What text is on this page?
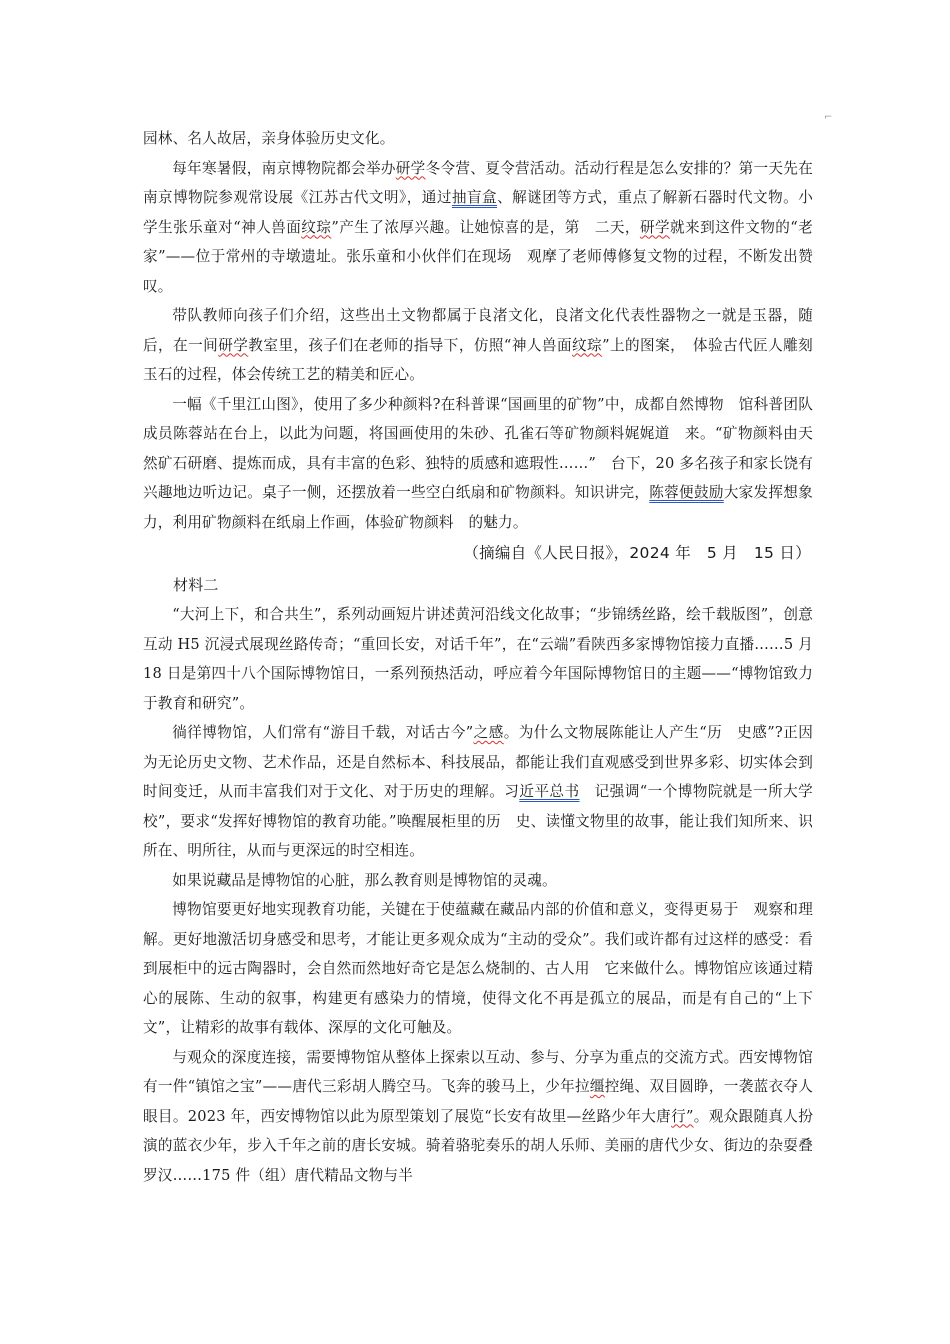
⌐

园林、名人故居，亲身体验历史文化。

每年寒暑假，南京博物院都会举办研学冬令营、夏令营活动。活动行程是怎么安排的？第一天先在南京博物院参观常设展《江苏古代文明》，通过抽盲盒、解谜团等方式，重点了解新石器时代文物。小学生张乐童对“神人兽面纹琮”产生了浓厚兴趣。让她惊喜的是，第　二天，研学就来到这件文物的“老家”——位于常州的寺墩遗址。张乐童和小伙伴们在现场　观摩了老师傅修复文物的过程，不断发出赞叹。

带队教师向孩子们介绍，这些出土文物都属于良渚文化，良渚文化代表性器物之一就是玉器，随后，在一间研学教室里，孩子们在老师的指导下，仿照“神人兽面纹琮”上的图案，　体验古代匠人雕刻玉石的过程，体会传统工艺的精美和匠心。

一幅《千里江山图》，使用了多少种颜料?在科普课“国画里的矿物”中，成都自然博物　馆科普团队成员陈蓉站在台上，以此为问题，将国画使用的朱砂、孔雀石等矿物颜料娓娓道　来。“矿物颜料由天然矿石研磨、提炼而成，具有丰富的色彩、独特的质感和遮瑕性……”　台下，20 多名孩子和家长饶有兴趣地边听边记。桌子一侧，还摆放着一些空白纸扇和矿物颜料。知识讲完，陈蓉便鼓励大家发挥想象力，利用矿物颜料在纸扇上作画，体验矿物颜料　的魅力。

（摘编自《人民日报》，2024 年　5 月　15 日）

材料二

“大河上下，和合共生”，系列动画短片讲述黄河沿线文化故事；“步锦绣丝路，绘千载版图”，创意互动 H5 沉浸式展现丝路传奇；“重回长安，对话千年”，在“云端”看陕西多家博物馆接力直播……5 月 18 日是第四十八个国际博物馆日，一系列预热活动，呼应着今年国际博物馆日的主题——“博物馆致力于教育和研究”。

徜徉博物馆，人们常有“游目千载，对话古今”之感。为什么文物展陈能让人产生“历　史感”?正因为无论历史文物、艺术作品，还是自然标本、科技展品，都能让我们直观感受到世界多彩、切实体会到时间变迁，从而丰富我们对于文化、对于历史的理解。习近平总书　记强调“一个博物院就是一所大学校”，要求“发挥好博物馆的教育功能。”唤醒展柜里的历　史、读懂文物里的故事，能让我们知所来、识所在、明所往，从而与更深远的时空相连。

如果说藏品是博物馆的心脏，那么教育则是博物馆的灵魂。

博物馆要更好地实现教育功能，关键在于使蕴藏在藏品内部的价值和意义，变得更易于　观察和理解。更好地激活切身感受和思考，才能让更多观众成为“主动的受众”。我们或许都有过这样的感受：看到展柜中的远古陶器时，会自然而然地好奇它是怎么烧制的、古人用　它来做什么。博物馆应该通过精心的展陈、生动的叙事，构建更有感染力的情境，使得文化不再是孤立的展品，而是有自己的“上下文”，让精彩的故事有载体、深厚的文化可触及。

与观众的深度连接，需要博物馆从整体上探索以互动、参与、分享为重点的交流方式。西安博物馆有一件“镇馆之宝”——唐代三彩胡人腾空马。飞奔的骏马上，少年拉缰控绳、双目圆睁，一袭蓝衣夺人眼目。2023 年，西安博物馆以此为原型策划了展览“长安有故里—丝路少年大唐行”。观众跟随真人扮演的蓝衣少年，步入千年之前的唐长安城。骑着骆驼奏乐的胡人乐师、美丽的唐代少女、街边的杂耍叠罗汉……175 件（组）唐代精品文物与半
